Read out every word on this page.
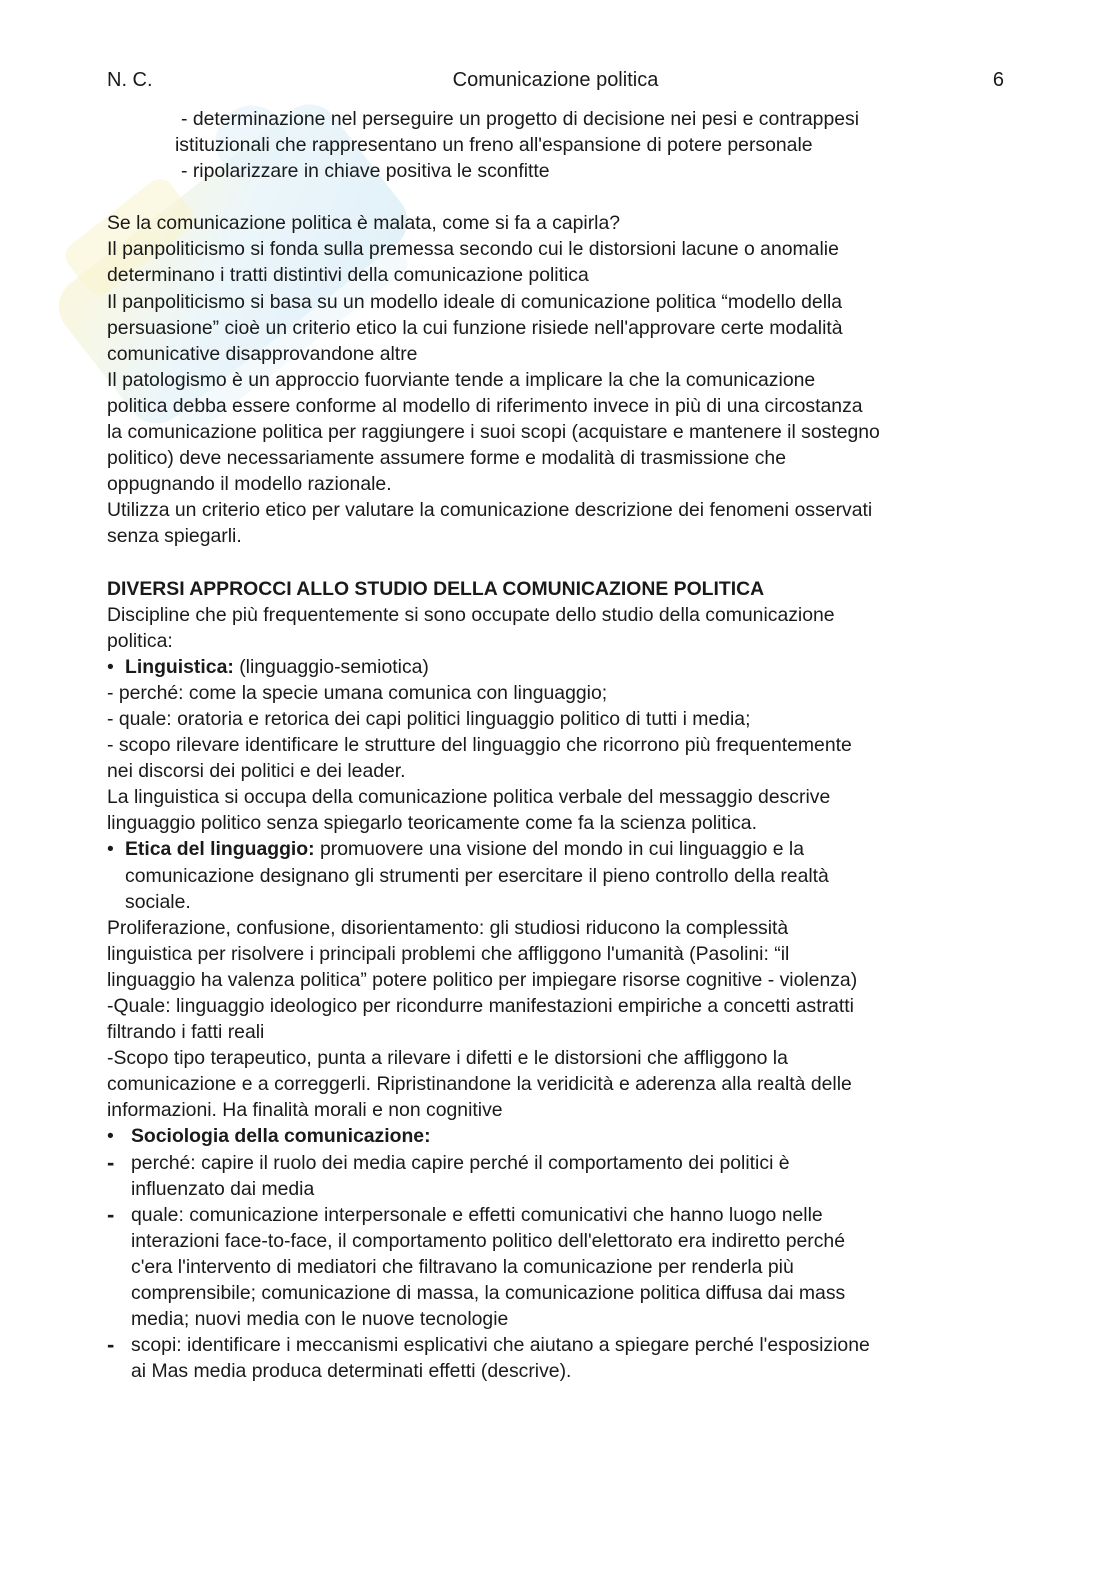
N. C.	Comunicazione politica	6

- determinazione nel perseguire un progetto di decisione nei pesi e contrappesi

istituzionali che rappresentano un freno all'espansione di potere personale

- ripolarizzare in chiave positiva le sconfitte

Se la comunicazione politica è malata, come si fa a capirla?

Il panpoliticismo si fonda sulla premessa secondo cui le distorsioni lacune o anomalie

determinano i tratti distintivi della comunicazione politica

Il panpoliticismo si basa su un modello ideale di comunicazione politica “modello della

persuasione” cioè un criterio etico la cui funzione risiede nell'approvare certe modalità

comunicative disapprovandone altre

Il patologismo è un approccio fuorviante tende a implicare la che la comunicazione

politica debba essere conforme al modello di riferimento invece in più di una circostanza

la comunicazione politica per raggiungere i suoi scopi (acquistare e mantenere il sostegno

politico) deve necessariamente assumere forme e modalità di trasmissione che

oppugnando il modello razionale.

Utilizza un criterio etico per valutare la comunicazione descrizione dei fenomeni osservati

senza spiegarli.

DIVERSI APPROCCI ALLO STUDIO DELLA COMUNICAZIONE POLITICA

Discipline che più frequentemente si sono occupate dello studio della comunicazione

politica:

• Linguistica: (linguaggio-semiotica)

- perché: come la specie umana comunica con linguaggio;

- quale: oratoria e retorica dei capi politici linguaggio politico di tutti i media;

- scopo rilevare identificare le strutture del linguaggio che ricorrono più frequentemente

nei discorsi dei politici e dei leader.

La linguistica si occupa della comunicazione politica verbale del messaggio descrive

linguaggio politico senza spiegarlo teoricamente come fa la scienza politica.

• Etica del linguaggio: promuovere una visione del mondo in cui linguaggio e la

comunicazione designano gli strumenti per esercitare il pieno controllo della realtà

sociale.

Proliferazione, confusione, disorientamento: gli studiosi riducono la complessità

linguistica per risolvere i principali problemi che affliggono l'umanità (Pasolini: “il

linguaggio ha valenza politica” potere politico per impiegare risorse cognitive - violenza)

-Quale: linguaggio ideologico per ricondurre manifestazioni empiriche a concetti astratti

filtrando i fatti reali

-Scopo tipo terapeutico, punta a rilevare i difetti e le distorsioni che affliggono la

comunicazione e a correggerli. Ripristinandone la veridicità e aderenza alla realtà delle

informazioni. Ha finalità morali e non cognitive

• Sociologia della comunicazione:
- perché: capire il ruolo dei media capire perché il comportamento dei politici è

influenzato dai media

- quale: comunicazione interpersonale e effetti comunicativi che hanno luogo nelle

interazioni face-to-face, il comportamento politico dell'elettorato era indiretto perché

c'era l'intervento di mediatori che filtravano la comunicazione per renderla più

comprensibile; comunicazione di massa, la comunicazione politica diffusa dai mass

media; nuovi media con le nuove tecnologie

- scopi: identificare i meccanismi esplicativi che aiutano a spiegare perché l'esposizione

ai Mas media produca determinati effetti (descrive).
